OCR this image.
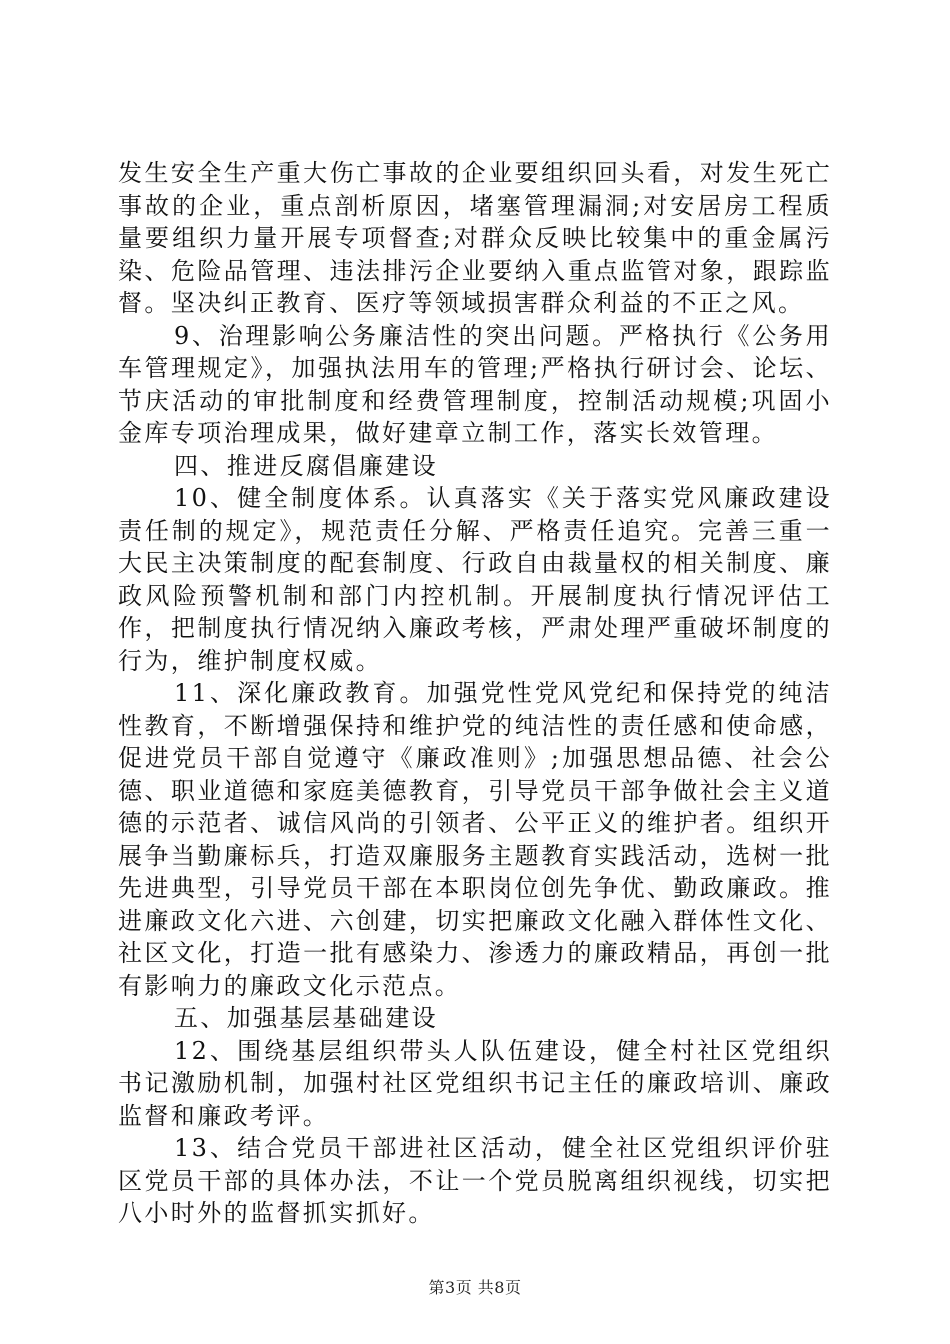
发生安全生产重大伤亡事故的企业要组织回头看，对发生死亡事故的企业，重点剖析原因，堵塞管理漏洞;对安居房工程质量要组织力量开展专项督查;对群众反映比较集中的重金属污染、危险品管理、违法排污企业要纳入重点监管对象，跟踪监督。坚决纠正教育、医疗等领域损害群众利益的不正之风。

9、治理影响公务廉洁性的突出问题。严格执行《公务用车管理规定》，加强执法用车的管理;严格执行研讨会、论坛、节庆活动的审批制度和经费管理制度，控制活动规模;巩固小金库专项治理成果，做好建章立制工作，落实长效管理。

四、推进反腐倡廉建设

10、健全制度体系。认真落实《关于落实党风廉政建设责任制的规定》，规范责任分解、严格责任追究。完善三重一大民主决策制度的配套制度、行政自由裁量权的相关制度、廉政风险预警机制和部门内控机制。开展制度执行情况评估工作，把制度执行情况纳入廉政考核，严肃处理严重破坏制度的行为，维护制度权威。

11、深化廉政教育。加强党性党风党纪和保持党的纯洁性教育，不断增强保持和维护党的纯洁性的责任感和使命感，促进党员干部自觉遵守《廉政准则》;加强思想品德、社会公德、职业道德和家庭美德教育，引导党员干部争做社会主义道德的示范者、诚信风尚的引领者、公平正义的维护者。组织开展争当勤廉标兵，打造双廉服务主题教育实践活动，选树一批先进典型，引导党员干部在本职岗位创先争优、勤政廉政。推进廉政文化六进、六创建，切实把廉政文化融入群体性文化、社区文化，打造一批有感染力、渗透力的廉政精品，再创一批有影响力的廉政文化示范点。

五、加强基层基础建设

12、围绕基层组织带头人队伍建设，健全村社区党组织书记激励机制，加强村社区党组织书记主任的廉政培训、廉政监督和廉政考评。

13、结合党员干部进社区活动，健全社区党组织评价驻区党员干部的具体办法，不让一个党员脱离组织视线，切实把八小时外的监督抓实抓好。

第3页 共8页
